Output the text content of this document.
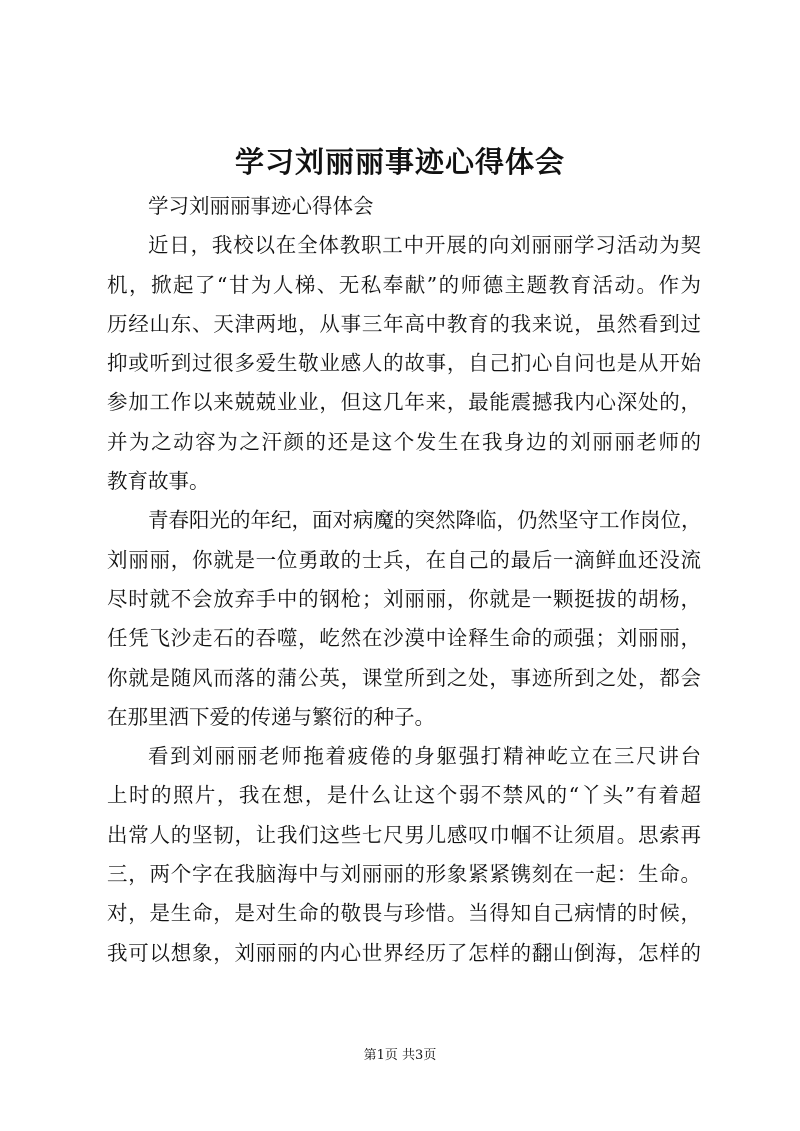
学习刘丽丽事迹心得体会
学习刘丽丽事迹心得体会
近日，我校以在全体教职工中开展的向刘丽丽学习活动为契
机，掀起了“甘为人梯、无私奉献”的师德主题教育活动。作为
历经山东、天津两地，从事三年高中教育的我来说，虽然看到过
抑或听到过很多爱生敬业感人的故事，自己扪心自问也是从开始
参加工作以来兢兢业业，但这几年来，最能震撼我内心深处的，
并为之动容为之汗颜的还是这个发生在我身边的刘丽丽老师的
教育故事。
青春阳光的年纪，面对病魔的突然降临，仍然坚守工作岗位，
刘丽丽，你就是一位勇敢的士兵，在自己的最后一滴鲜血还没流
尽时就不会放弃手中的钢枪；刘丽丽，你就是一颗挺拔的胡杨，
任凭飞沙走石的吞噬，屹然在沙漠中诠释生命的顽强；刘丽丽，
你就是随风而落的蒲公英，课堂所到之处，事迹所到之处，都会
在那里洒下爱的传递与繁衍的种子。
看到刘丽丽老师拖着疲倦的身躯强打精神屹立在三尺讲台
上时的照片，我在想，是什么让这个弱不禁风的“丫头”有着超
出常人的坚韧，让我们这些七尺男儿感叹巾帼不让须眉。思索再
三，两个字在我脑海中与刘丽丽的形象紧紧镌刻在一起：生命。
对，是生命，是对生命的敬畏与珍惜。当得知自己病情的时候，
我可以想象，刘丽丽的内心世界经历了怎样的翻山倒海，怎样的
第1页 共3页
